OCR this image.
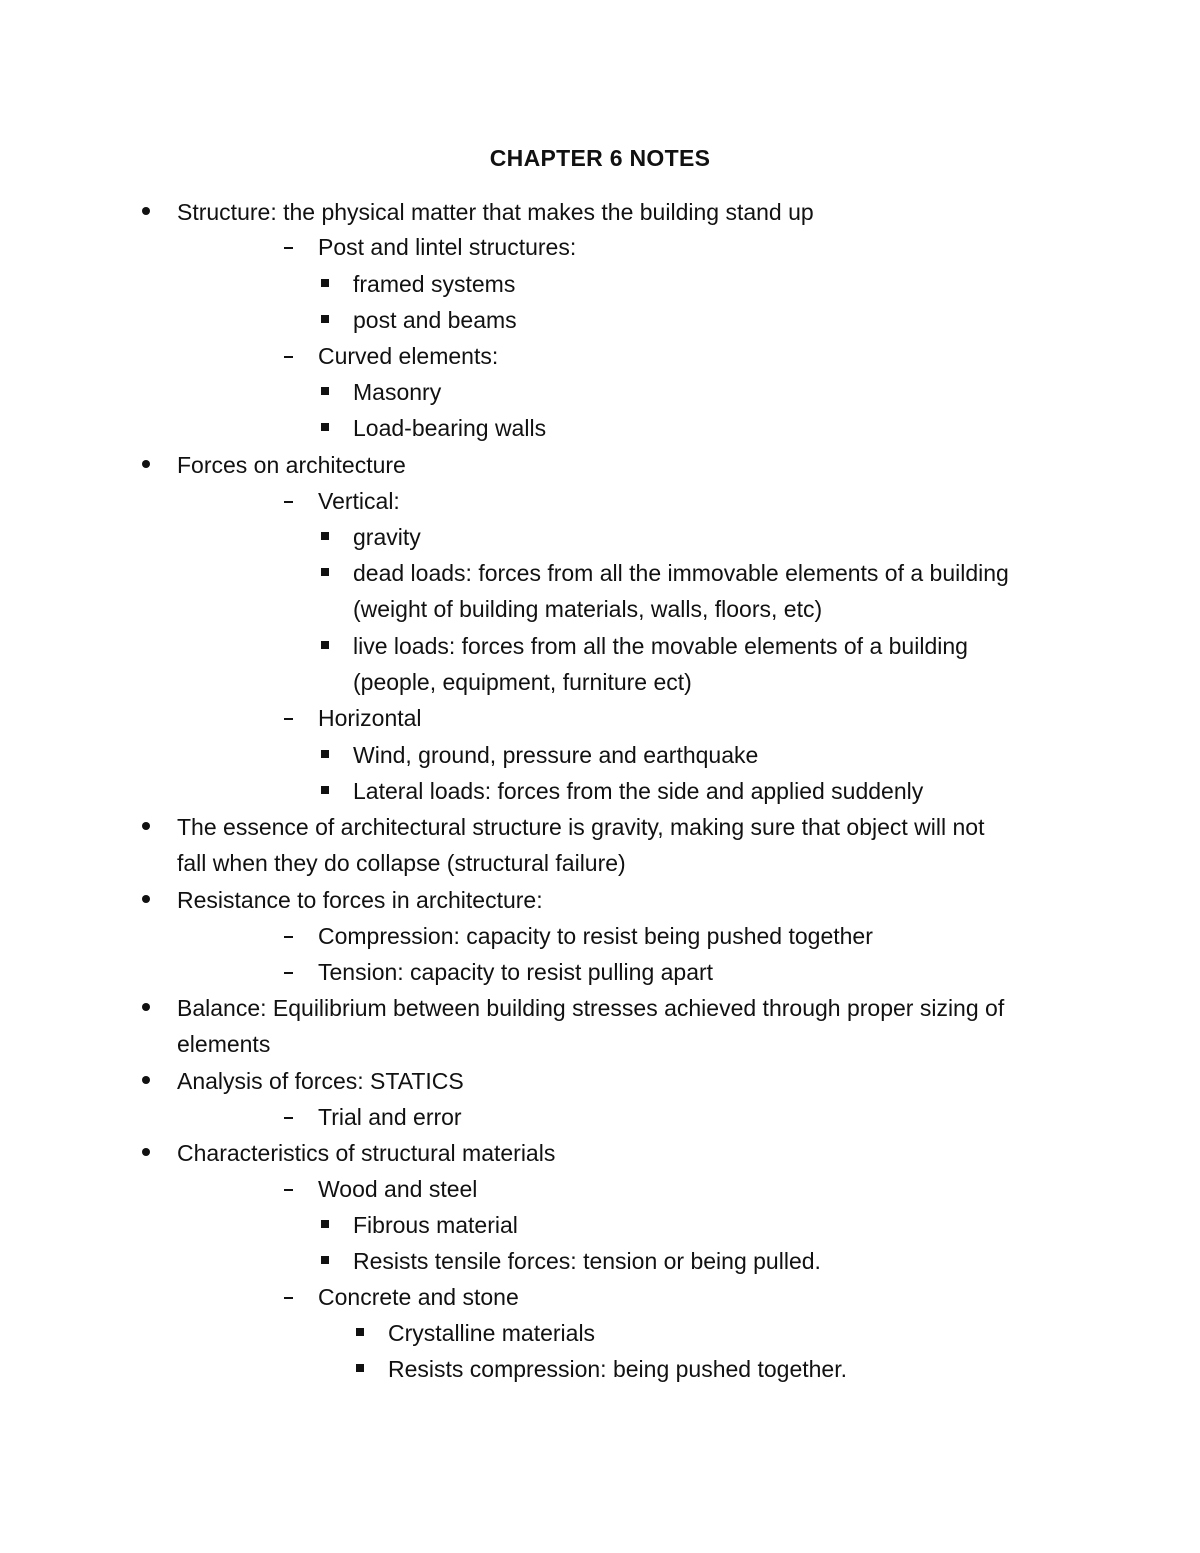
CHAPTER 6 NOTES

Structure: the physical matter that makes the building stand up

Post and lintel structures:

framed systems

post and beams

Curved elements:

Masonry

Load-bearing walls

Forces on architecture

Vertical:

gravity

dead loads: forces from all the immovable elements of a building

(weight of building materials, walls, floors, etc)

live loads: forces from all the movable elements of a building

(people, equipment, furniture ect)

Horizontal

Wind, ground, pressure and earthquake

Lateral loads: forces from the side and applied suddenly

The essence of architectural structure is gravity, making sure that object will not

fall when they do collapse (structural failure)

Resistance to forces in architecture:

Compression: capacity to resist being pushed together

Tension: capacity to resist pulling apart

Balance: Equilibrium between building stresses achieved through proper sizing of

elements

Analysis of forces: STATICS

Trial and error

Characteristics of structural materials

Wood and steel

Fibrous material

Resists tensile forces: tension or being pulled.

Concrete and stone

Crystalline materials

Resists compression: being pushed together.
